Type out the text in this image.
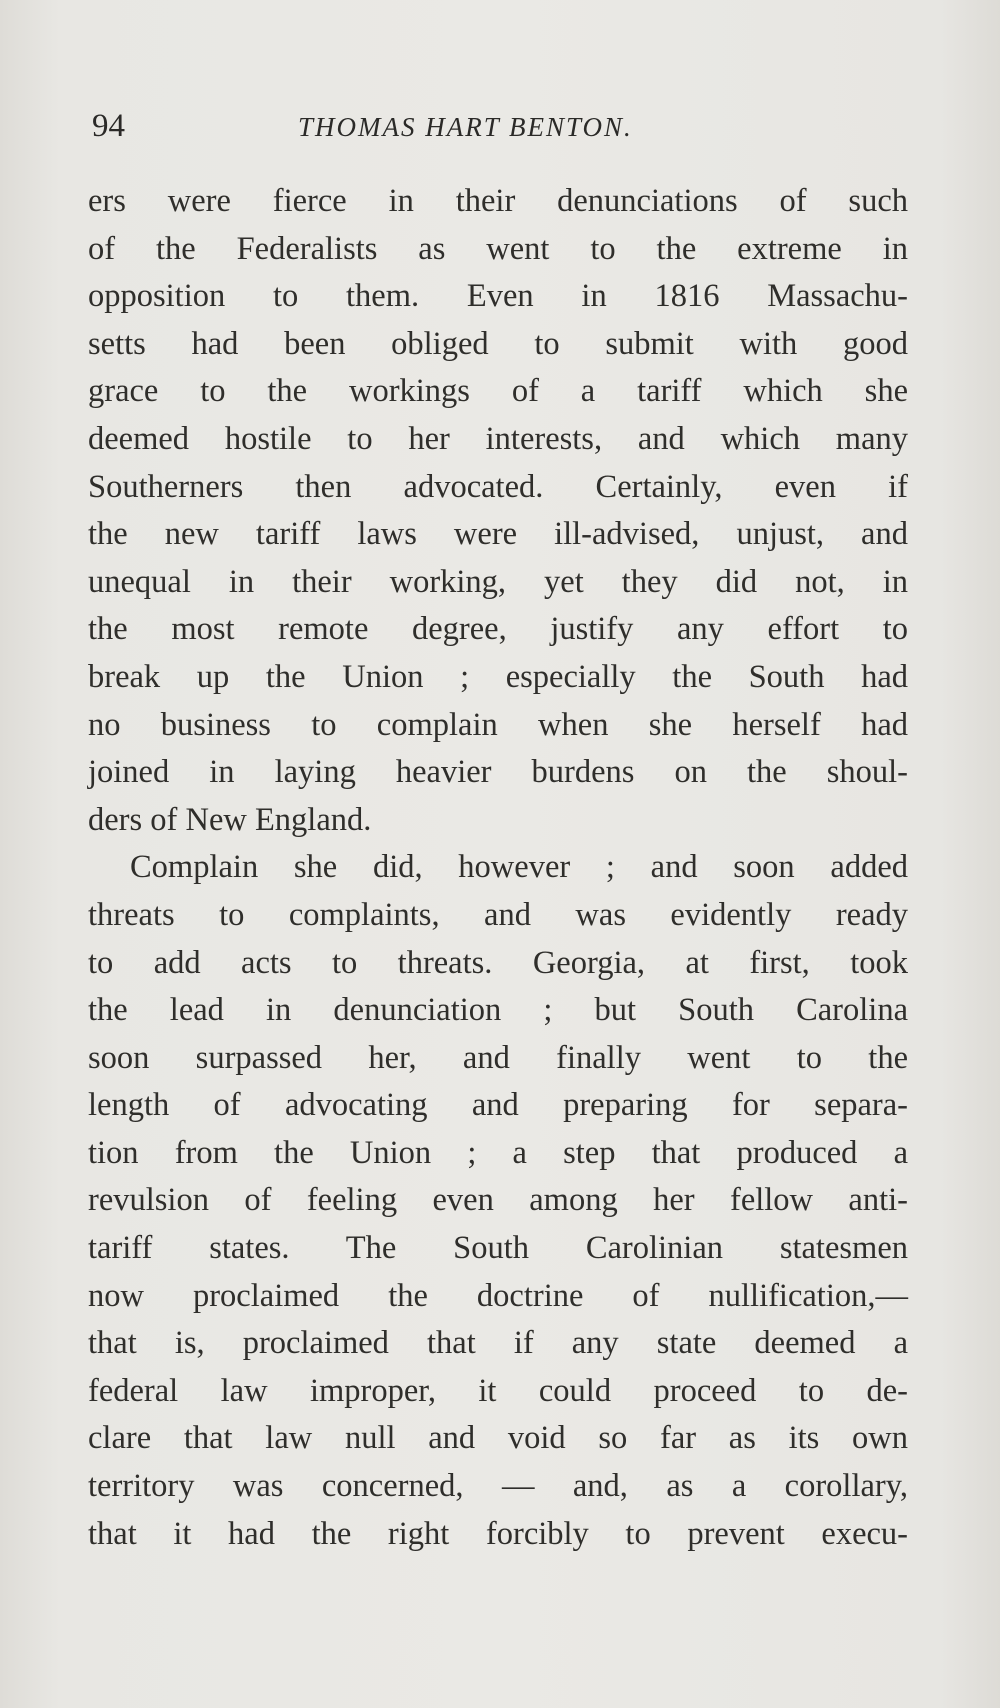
94	THOMAS HART BENTON.
ers were fierce in their denunciations of such
of the Federalists as went to the extreme in
opposition to them. Even in 1816 Massachu-
setts had been obliged to submit with good
grace to the workings of a tariff which she
deemed hostile to her interests, and which many
Southerners then advocated. Certainly, even if
the new tariff laws were ill-advised, unjust, and
unequal in their working, yet they did not, in
the most remote degree, justify any effort to
break up the Union ; especially the South had
no business to complain when she herself had
joined in laying heavier burdens on the shoul-
ders of New England.
Complain she did, however ; and soon added
threats to complaints, and was evidently ready
to add acts to threats. Georgia, at first, took
the lead in denunciation ; but South Carolina
soon surpassed her, and finally went to the
length of advocating and preparing for separa-
tion from the Union ; a step that produced a
revulsion of feeling even among her fellow anti-
tariff states. The South Carolinian statesmen
now proclaimed the doctrine of nullification,—
that is, proclaimed that if any state deemed a
federal law improper, it could proceed to de-
clare that law null and void so far as its own
territory was concerned, — and, as a corollary,
that it had the right forcibly to prevent execu-
